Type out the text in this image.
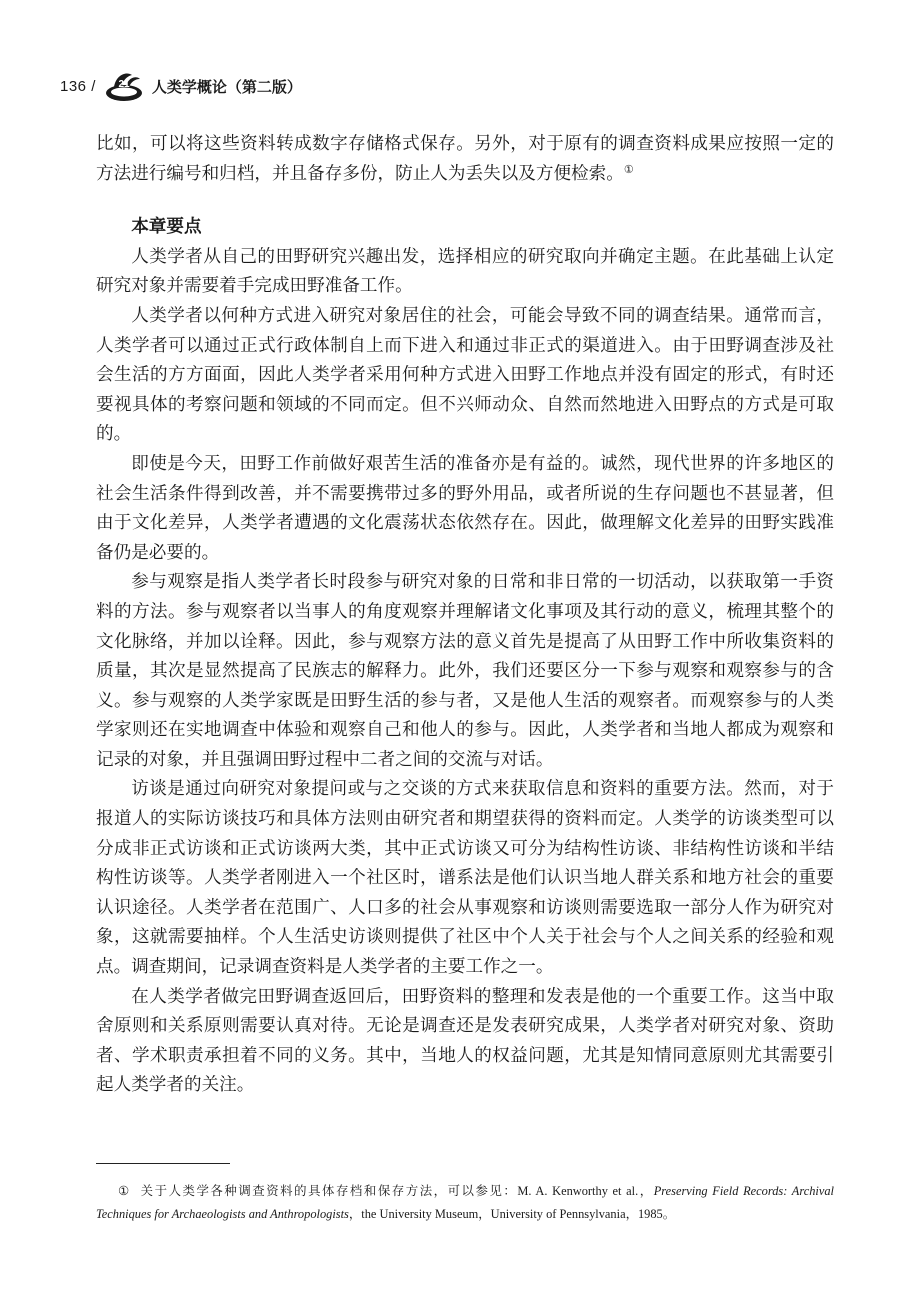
136 / 21 人类学概论（第二版）

比如，可以将这些资料转成数字存储格式保存。另外，对于原有的调查资料成果应按照一定的方法进行编号和归档，并且备存多份，防止人为丢失以及方便检索。①

本章要点

人类学者从自己的田野研究兴趣出发，选择相应的研究取向并确定主题。在此基础上认定研究对象并需要着手完成田野准备工作。

人类学者以何种方式进入研究对象居住的社会，可能会导致不同的调查结果。通常而言，人类学者可以通过正式行政体制自上而下进入和通过非正式的渠道进入。由于田野调查涉及社会生活的方方面面，因此人类学者采用何种方式进入田野工作地点并没有固定的形式，有时还要视具体的考察问题和领域的不同而定。但不兴师动众、自然而然地进入田野点的方式是可取的。

即使是今天，田野工作前做好艰苦生活的准备亦是有益的。诚然，现代世界的许多地区的社会生活条件得到改善，并不需要携带过多的野外用品，或者所说的生存问题也不甚显著，但由于文化差异，人类学者遭遇的文化震荡状态依然存在。因此，做理解文化差异的田野实践准备仍是必要的。

参与观察是指人类学者长时段参与研究对象的日常和非日常的一切活动，以获取第一手资料的方法。参与观察者以当事人的角度观察并理解诸文化事项及其行动的意义，梳理其整个的文化脉络，并加以诠释。因此，参与观察方法的意义首先是提高了从田野工作中所收集资料的质量，其次是显然提高了民族志的解释力。此外，我们还要区分一下参与观察和观察参与的含义。参与观察的人类学家既是田野生活的参与者，又是他人生活的观察者。而观察参与的人类学家则还在实地调查中体验和观察自己和他人的参与。因此，人类学者和当地人都成为观察和记录的对象，并且强调田野过程中二者之间的交流与对话。

访谈是通过向研究对象提问或与之交谈的方式来获取信息和资料的重要方法。然而，对于报道人的实际访谈技巧和具体方法则由研究者和期望获得的资料而定。人类学的访谈类型可以分成非正式访谈和正式访谈两大类，其中正式访谈又可分为结构性访谈、非结构性访谈和半结构性访谈等。人类学者刚进入一个社区时，谱系法是他们认识当地人群关系和地方社会的重要认识途径。人类学者在范围广、人口多的社会从事观察和访谈则需要选取一部分人作为研究对象，这就需要抽样。个人生活史访谈则提供了社区中个人关于社会与个人之间关系的经验和观点。调查期间，记录调查资料是人类学者的主要工作之一。

在人类学者做完田野调查返回后，田野资料的整理和发表是他的一个重要工作。这当中取舍原则和关系原则需要认真对待。无论是调查还是发表研究成果，人类学者对研究对象、资助者、学术职责承担着不同的义务。其中，当地人的权益问题，尤其是知情同意原则尤其需要引起人类学者的关注。

① 关于人类学各种调查资料的具体存档和保存方法，可以参见：M. A. Kenworthy et al.，Preserving Field Records: Archival Techniques for Archaeologists and Anthropologists，the University Museum，University of Pennsylvania，1985。
